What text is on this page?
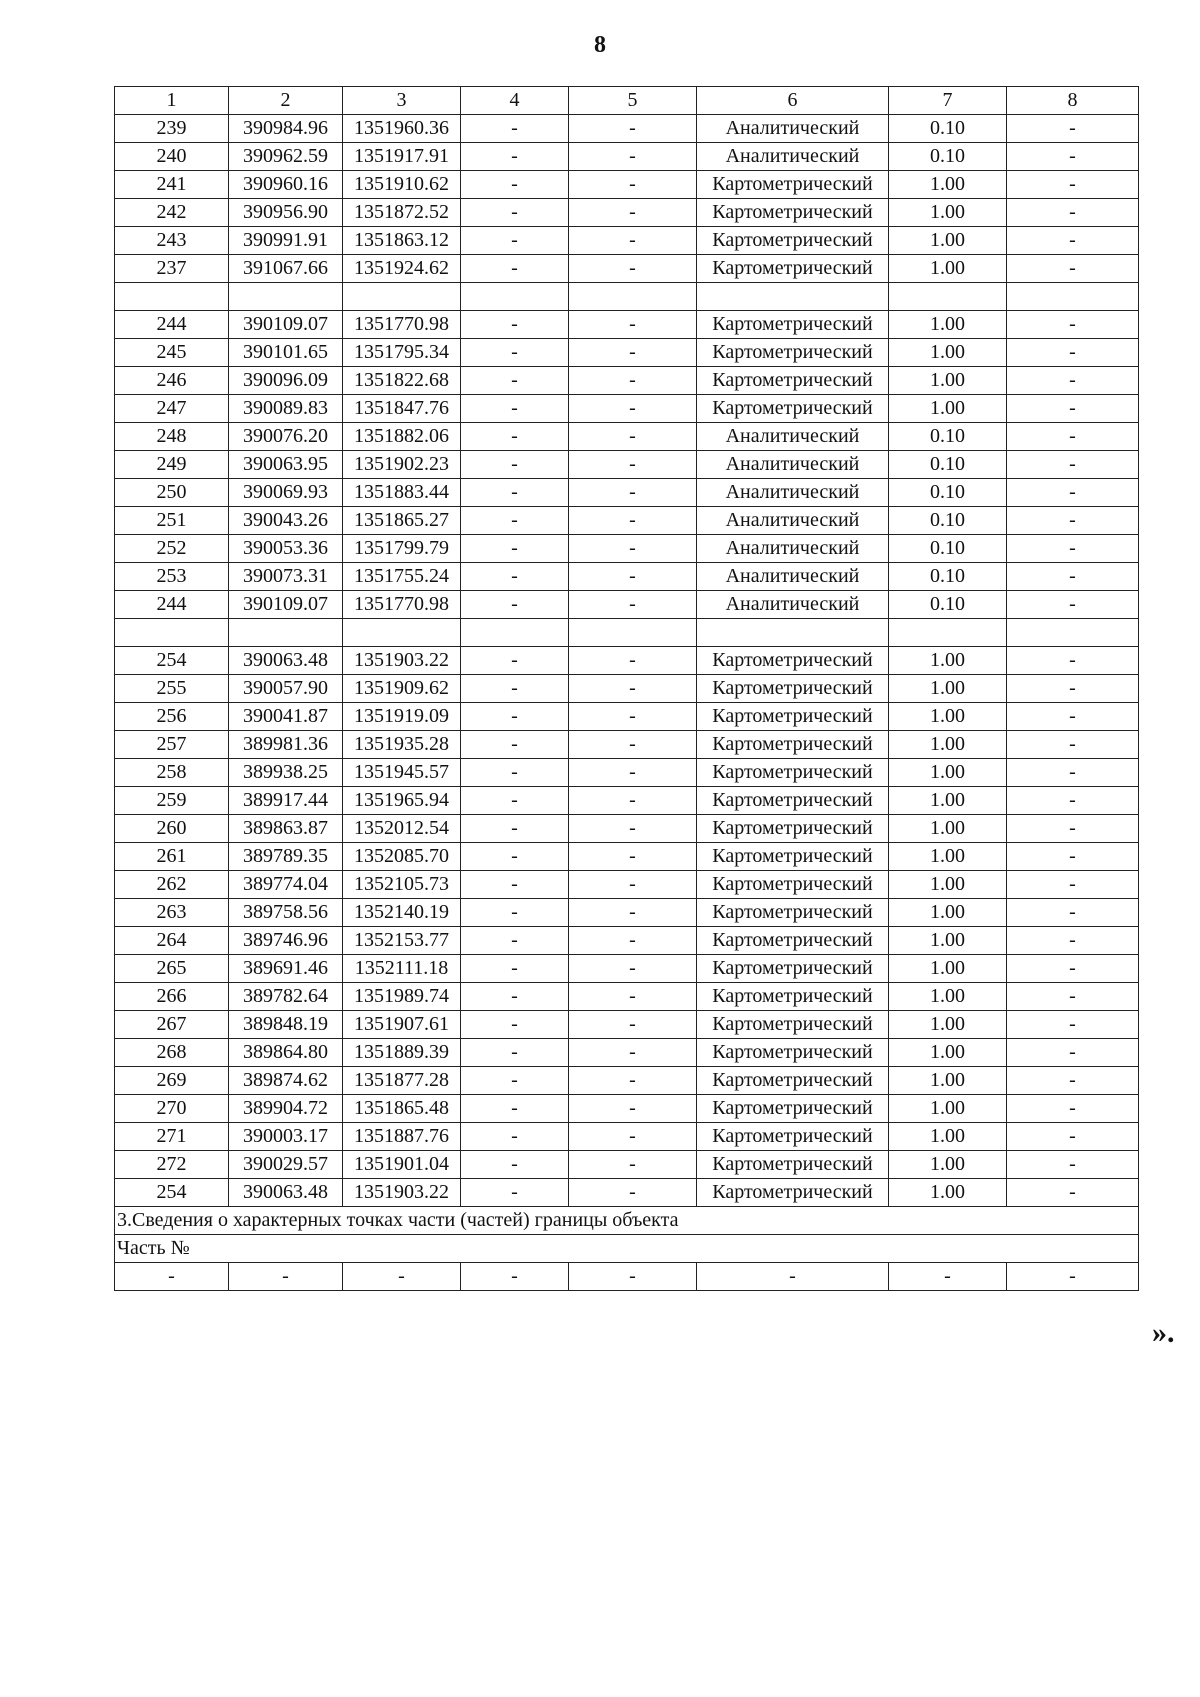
8
1	2	3	4	5	6	7	8
239	390984.96	1351960.36	-	-	Аналитический	0.10	-
240	390962.59	1351917.91	-	-	Аналитический	0.10	-
241	390960.16	1351910.62	-	-	Картометрический	1.00	-
242	390956.90	1351872.52	-	-	Картометрический	1.00	-
243	390991.91	1351863.12	-	-	Картометрический	1.00	-
237	391067.66	1351924.62	-	-	Картометрический	1.00	-

244	390109.07	1351770.98	-	-	Картометрический	1.00	-
245	390101.65	1351795.34	-	-	Картометрический	1.00	-
246	390096.09	1351822.68	-	-	Картометрический	1.00	-
247	390089.83	1351847.76	-	-	Картометрический	1.00	-
248	390076.20	1351882.06	-	-	Аналитический	0.10	-
249	390063.95	1351902.23	-	-	Аналитический	0.10	-
250	390069.93	1351883.44	-	-	Аналитический	0.10	-
251	390043.26	1351865.27	-	-	Аналитический	0.10	-
252	390053.36	1351799.79	-	-	Аналитический	0.10	-
253	390073.31	1351755.24	-	-	Аналитический	0.10	-
244	390109.07	1351770.98	-	-	Аналитический	0.10	-

254	390063.48	1351903.22	-	-	Картометрический	1.00	-
255	390057.90	1351909.62	-	-	Картометрический	1.00	-
256	390041.87	1351919.09	-	-	Картометрический	1.00	-
257	389981.36	1351935.28	-	-	Картометрический	1.00	-
258	389938.25	1351945.57	-	-	Картометрический	1.00	-
259	389917.44	1351965.94	-	-	Картометрический	1.00	-
260	389863.87	1352012.54	-	-	Картометрический	1.00	-
261	389789.35	1352085.70	-	-	Картометрический	1.00	-
262	389774.04	1352105.73	-	-	Картометрический	1.00	-
263	389758.56	1352140.19	-	-	Картометрический	1.00	-
264	389746.96	1352153.77	-	-	Картометрический	1.00	-
265	389691.46	1352111.18	-	-	Картометрический	1.00	-
266	389782.64	1351989.74	-	-	Картометрический	1.00	-
267	389848.19	1351907.61	-	-	Картометрический	1.00	-
268	389864.80	1351889.39	-	-	Картометрический	1.00	-
269	389874.62	1351877.28	-	-	Картометрический	1.00	-
270	389904.72	1351865.48	-	-	Картометрический	1.00	-
271	390003.17	1351887.76	-	-	Картометрический	1.00	-
272	390029.57	1351901.04	-	-	Картометрический	1.00	-
254	390063.48	1351903.22	-	-	Картометрический	1.00	-
3.Сведения о характерных точках части (частей) границы объекта							
Часть №							
-	-	-	-	-	-	-	-
».
